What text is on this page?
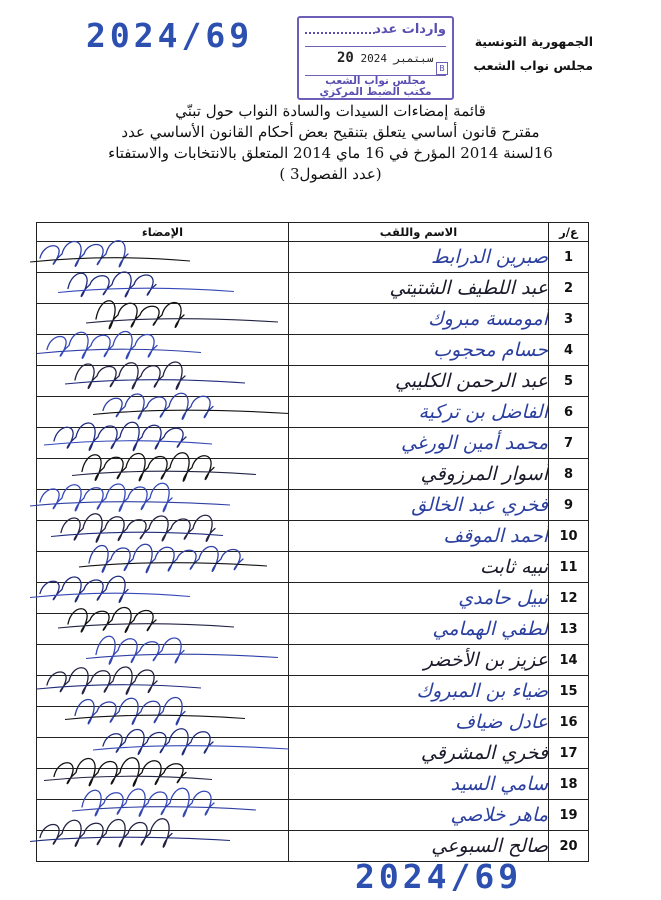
2024/69	الجمهورية التونسية
مجلس نواب الشعب
واردات عدد
20	سبتمبر 2024
B
مجلس نواب الشعب
مكتب الضبط المركزي
قائمة إمضاءات السيدات والسادة النواب حول تبنّي
مقترح قانون أساسي يتعلق بتنقيح بعض أحكام القانون الأساسي عدد
16لسنة 2014 المؤرخ في 16 ماي 2014 المتعلق بالانتخابات والاستفتاء
(عدد الفصول3 )
ع/ر	الاسم واللقب	الإمضاء
1	صبرين الدرابط	
2	عبد اللطيف الشتيتي	
3	أمومسة مبروك	
4	حسام محجوب	
5	عبد الرحمن الكليبي	
6	الفاضل بن تركية	
7	محمد أمين الورغي	
8	أسوار المرزوقي	
9	فخري عبد الخالق	
10	أحمد الموقف	
11	نبيه ثابت	
12	نبيل حامدي	
13	لطفي الهمامي	
14	عزيز بن الأخضر	
15	ضياء بن المبروك	
16	عادل ضياف	
17	فخري المشرقي	
18	سامي السيد	
19	ماهر خلاصي	
20	صالح السبوعي	
2024/69
